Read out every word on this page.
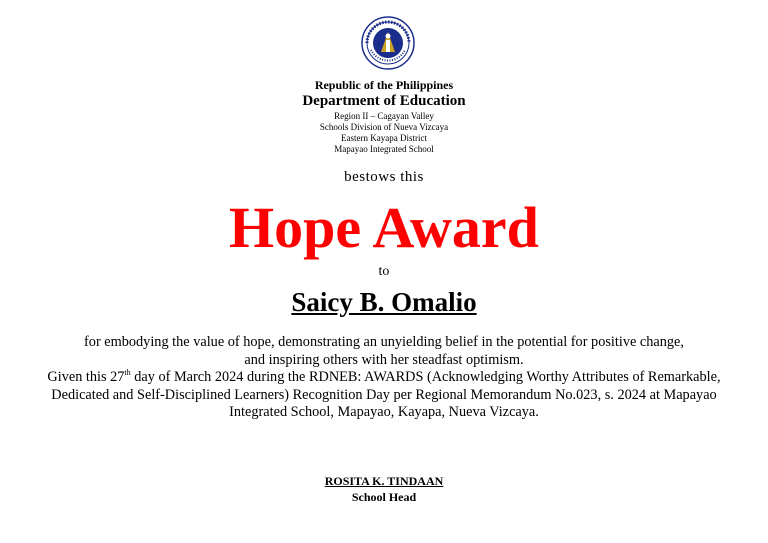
Republic of the Philippines
Department of Education
Region II – Cagayan Valley
Schools Division of Nueva Vizcaya
Eastern Kayapa District
Mapayao Integrated School
bestows this
Hope Award
to
Saicy B. Omalio
for embodying the value of hope, demonstrating an unyielding belief in the potential for positive change,
and inspiring others with her steadfast optimism.
Given this 27th day of March 2024 during the RDNEB: AWARDS (Acknowledging Worthy Attributes of Remarkable, Dedicated and Self-Disciplined Learners) Recognition Day per Regional Memorandum No.023, s. 2024 at Mapayao Integrated School, Mapayao, Kayapa, Nueva Vizcaya.
ROSITA K. TINDAAN
School Head
